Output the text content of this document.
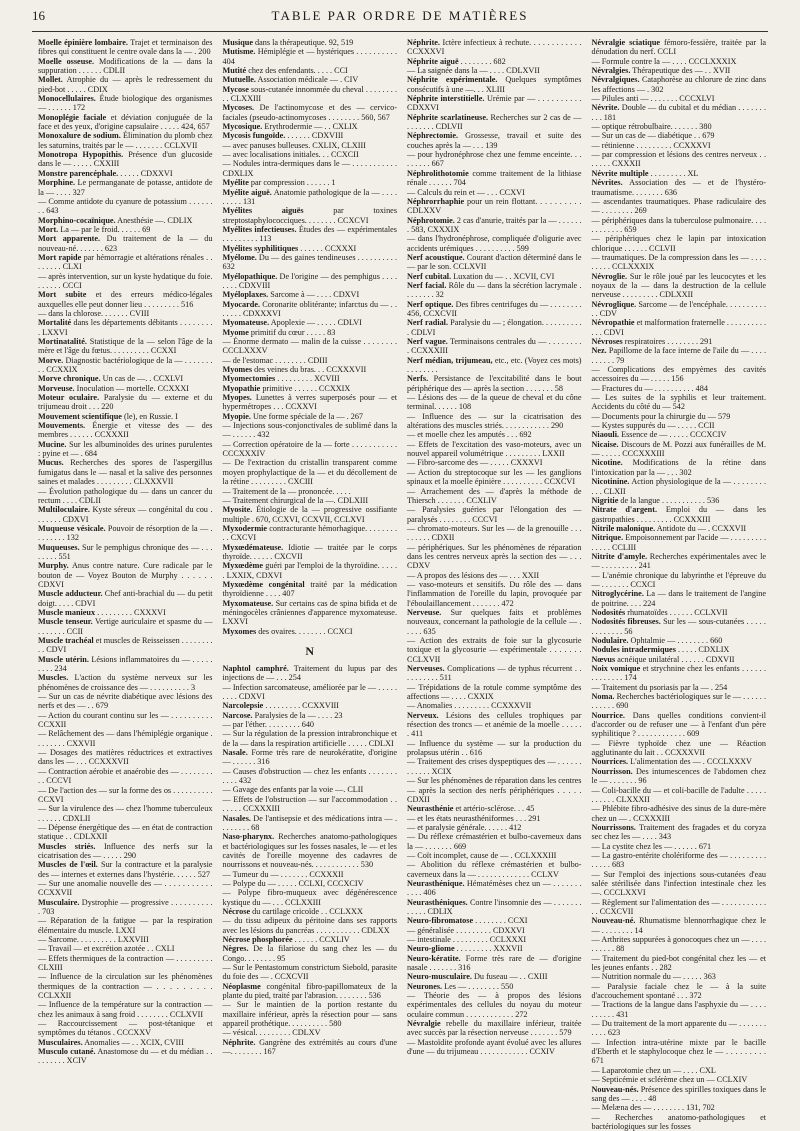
16	TABLE PAR ORDRE DE MATIÈRES
Moelle épinière lombaire. Trajet et terminaison des fibres qui constituent le centre ovale dans la — . 200
Moelle osseuse. Modifications de la — dans la suppuration . . . . . . CDLII
Mollet. Atrophie du — après le redressement du pied-bot . . . . . CDIX
Monocellulaires. Étude biologique des organismes — . . . . . . 172
Monoplégie faciale et déviation conjuguée de la face et des yeux, d'origine capsulaire . . . . . 424, 657
Monoxalure de sodium. Élimination du plomb chez les saturnins, traités par le — . . . . . . . CCLXVII
Monotropa Hypopithis. Présence d'un glucoside dans le — . . . . . CXXIII
Monstre parencéphale. . . . . . CDXXVI
Morphine. Le permanganate de potasse, antidote de la — . . . . 327
— Comme antidote du cyanure de potassium . . . . . . . . 643
Morphino-cocaïnique. Anesthésie —. CDLIX
Mort. La — par le froid. . . . . . 69
Mort apparente. Du traitement de la — du nouveau-né. . . . . . . 623
Mort rapide par hémorragie et altérations rénales . . . . . . . . CLXI
— après intervention, sur un kyste hydatique du foie. . . . . . . CCCI
Mort subite et des erreurs médico-légales auxquelles elle peut donner lieu . . . . . . . . . 516
— dans la chlorose. . . . . . . CVIII
Mortalité dans les départements débitants . . . . . . . . . LXXVI
Mortinatalité. Statistique de la — selon l'âge de la mère et l'âge du fœtus. . . . . . . . . . CCXXI
Morve. Diagnostic bactériologique de la — . . . . . . . . . CCXXIX
Morve chronique. Un cas de —. . CCXLVI
Morveuse. Inoculation — mortelle. CCXXXI
Moteur oculaire. Paralysie du — externe et du trijumeau droit . . . 220
Mouvement scientifique (le), en Russie. I
Mouvements. Énergie et vitesse des — des membres . . . . . . CCXXXII
Mucine. Sur les albuminoïdes des urines purulentes : pyine et — . 684
Mucus. Recherches des spores de l'aspergillus fumigatus dans le — nasal et la salive des personnes saines et malades . . . . . . . . . CLXXXVII
— Évolution pathologique du — dans un cancer du rectum . . . . CDLII
Multiloculaire. Kyste séreux — congénital du cou . . . . . . . CDXVI
Muqueuse vésicale. Pouvoir de résorption de la — . . . . . . . . 132
Muqueuses. Sur le pemphigus chronique des — . . . . . . . . 551
Murphy. Anus contre nature. Cure radicale par le bouton de — Voyez Bouton de Murphy . . . . . . CDXVI
Muscle adducteur. Chef anti-brachial du — du petit doigt. . . . . CDVI
Muscle manieux . . . . . . . . . CXXXVI
Muscle tenseur. Vertige auriculaire et spasme du — . . . . . . . CCII
Muscle trachéal et muscles de Reisseissen . . . . . . . . . . CDVI
Muscle utérin. Lésions inflammatoires du — . . . . . . . . . 234
Muscles. L'action du système nerveux sur les phénomènes de croissance des — . . . . . . . . . . 3
— Sur un cas de névrite diabétique avec lésions des nerfs et des — . . 679
— Action du courant continu sur les — . . . . . . . . . . CCXXII
— Relâchement des — dans l'hémiplégie organique . . . . . . . . CXXVII
— Dosages des matières réductrices et extractives dans les — . . . CCXXXVII
— Contraction aérobie et anaérobie des — . . . . . . . . . . CCCVI
— De l'action des — sur la forme des os . . . . . . . . . . CCXVI
— Sur la virulence des — chez l'homme tuberculeux . . . . . . CDXLII
— Dépense énergétique des — en état de contraction statique . . CDLXXII
Muscles striés. Influence des nerfs sur la cicatrisation des — . . . . . 290
Muscles de l'œil. Sur la contracture et la paralysie des — internes et externes dans l'hystérie. . . . . . 527
— Sur une anomalie nouvelle des — . . . . . . . . . . . CCXXVII
Musculaire. Dystrophie — progressive . . . . . . . . . . . 703
— Réparation de la fatigue — par la respiration élémentaire du muscle. LXXI
— Sarcome. . . . . . . . . . LXXVIII
— Travail — et excrétion azotée . . CXLI
— Effets thermiques de la contraction — . . . . . . . . . CLXIII
— Influence de la circulation sur les phénomènes thermiques de la contraction — . . . . . . . . . CCLXXII
— Influence de la température sur la contraction — chez les animaux à sang froid . . . . . . . . CCLXVII
— Raccourcissement — post-tétanique et symptômes du tétanos . CCCXXV
Musculaires. Anomalies — . . XCIX, CVIII
Musculo cutané. Anastomose du — et du médian . . . . . . . . . XCIV
Musique dans la thérapeutique. 92, 519
Mutisme. Hémiplégie et — hystériques . . . . . . . . . . 404
Mutité chez des enfendants. . . . . CCI
Mutuelle. Association médicale — . CIV
Mycose sous-cutanée innommée du cheval . . . . . . . . . . CLXXIII
Mycoses. De l'actinomycose et des — cervico-faciales (pseudo-actinomycoses . . . . . . . . 560, 567
Mycosique. Erythrodermie — . . CXLIX
Mycosis fungoïde. . . . . . . CDXVIII
— avec panuses bulleuses. CXLIX, CLXIII
— avec localisations initiales. . . CCXCII
— Nodules intra-dermiques dans le — . . . . . . . . . . . CDXLIX
Myélite par compression . . . . . . 1
Myélite aiguë. Anatomie pathologique de la — . . . . . . . . . 131
Myélites aiguës par toxines streptostaphylococciques. . . . . . . . CCXCVI
Myélites infectieuses. Études des — expérimentales . . . . . . . . . 113
Myélites syphilitiques . . . . . . CCXXXI
Myélome. Du — des gaines tendineuses . . . . . . . . . . 632
Myélopathique. De l'origine — des pemphigus . . . . . . . . CDXVIII
Myéloplaxes. Sarcome à — . . . . CDXVI
Myocarde. Coronarite oblitérante; infarctus du — . . . . . . . CDXXXVI
Myomateuse. Apoplexie — . . . . . CDLVI
Myome primitif du cœur . . . . . 83
— Énorme dermato — malin de la cuisse . . . . . . . . CCCLXXXV
— de l'estomac . . . . . . . . CDIII
Myomes des veines du bras. . . CCXXXVII
Myomectomies . . . . . . . . . XCVIII
Myopathie primitive . . . . . . CCXXIX
Myopes. Lunettes à verres superposés pour — et hypermétropes . . . CCXXVI
Myopie. Une forme spéciale de la — . 267
— Injections sous-conjonctivales de sublimé dans la — . . . . . . 432
— Correction opératoire de la — forte . . . . . . . . . . . CCCXXXIV
— De l'extraction du cristallin transparent comme moyen prophylactique de la — et du décollement de la rétine . . . . . . . . . CXCIII
— Traitement de la — prononcée. . . . .
— Traitement chirurgical de la —. CDLXIII
Myosite. Étiologie de la — progressive ossifiante multiple . 670, CCXVI, CCXVII, CCLXVI
Myxodermie contracturante hémorhagique. . . . . . . . . . CXCVI
Myxœdémateuse. Idiotie — traitée par le corps thyroïde. . . . . . CXCVII
Myxœdème guéri par l'emploi de la thyroïdine. . . . . . LXXIX, CDXVI
Myxœdème congénital traité par la médication thyroïdienne . . . . 407
Myxomateuse. Sur certains cas de spina bifida et de méningocèles crâniennes d'apparence myxomateuse. LXXVI
Myxomes des ovaires. . . . . . . . CCXCI
N
Naphtol camphré. Traitement du lupus par des injections de — . . . 254
— Infection sarcomateuse, améliorée par le — . . . . . . . . . CDXVI
Narcolepsie . . . . . . . . . CCXXVIII
Narcose. Paralysies de la — . . . . 23
— par l'éther. . . . . . . . . 640
— Sur la régulation de la pression intrabronchique et de la — dans la respiration artificielle . . . . . CDLXI
Nasale. Forme très rare de neurokératite, d'origine — . . . . . . 316
— Causes d'obstruction — chez les enfants . . . . . . . . . . . 432
— Gavage des enfants par la voie —. CLII
— Effets de l'obstruction — sur l'accommodation . . . . . . . CCXXXIII
Nasales. De l'antisepsie et des médications intra — . . . . . . . . 68
Naso-pharynx. Recherches anatomo-pathologiques et bactériologiques sur les fosses nasales, le — et les cavités de l'oreille moyenne des cadavres de nourrissons et nouveau-nés. . . . . . . . . . . . 530
— Tumeur du — . . . . . . . CCXXXII
— Polype du — . . . . . CCLXI, CCCXCIV
— Polype fibro-muqueux avec dégénérescence kystique du — . . . CCLXXIII
Nécrose du cartilage cricoïde . . CCLXXX
— du tissu adipeux du péritoine dans ses rapports avec les lésions du pancréas . . . . . . . . . . . CDLXX
Nécrose phosphorée . . . . . . CCXLIV
Nègres. De la filariose du sang chez les — du Congo. . . . . . . . 95
— Sur le Pentastomum constrictum Siebold, parasite du foie des — . CCXCVII
Néoplasme congénital fibro-papillomateux de la plante du pied, traité par l'abrasion. . . . . . . . 536
— Sur le maintien de la portion restante du maxillaire inférieur, après la résection pour — sans appareil prothétique. . . . . . . . . . 580
— vésical. . . . . . . . . CDLXV
Néphrite. Gangrène des extrémités au cours d'une —. . . . . . . . 167
Néphrite. Ictère infectieux à rechute. . . . . . . . . . . . CCXXXVI
Néphrite aiguë . . . . . . . . 682
— La saignée dans la — . . . . CDLXVII
Néphrite expérimentale. Quelques symptômes consécutifs à une —. . . XLIII
Néphrite interstitielle. Urémie par — . . . . . . . . . . CDXXVI
Néphrite scarlatineuse. Recherches sur 2 cas de — . . . . . . . CDLVII
Néphrectomie. Grossesse, travail et suite des couches après la — . . . 139
— pour hydronéphrose chez une femme enceinte. . . . . . . . . 667
Néphrolithotomie comme traitement de la lithiase rénale . . . . . . 704
— Calculs du rein et — . . . CCXVI
Néphrorrhaphie pour un rein flottant. . . . . . . . . . CDLXXV
Néphrotomie. 2 cas d'anurie, traités par la — . . . . . . . 583, CXXXIX
— dans l'hydronéphrose, compliquée d'oligurie avec accidents urémiques . . . . . . . . . . 599
Nerf acoustique. Courant d'action déterminé dans le — par le son. CCLXVII
Nerf cubital. Luxation du — . . XCVII, CVI
Nerf facial. Rôle du — dans la sécrétion lacrymale . . . . . . . . 32
Nerf optique. Des fibres centrifuges du — . . . . . . . . 456, CCXCVII
Nerf radial. Paralysie du — ; élongation. . . . . . . . . . . CDLVI
Nerf vague. Terminaisons centrales du — . . . . . . . . . CCXXXIII
Nerf médian, trijumeau, etc., etc. (Voyez ces mots) . . . . . . . .
Nerfs. Persistance de l'excitabilité dans le bout périphérique des — après la section . . . . . . . 58
— Lésions des — de la queue de cheval et du cône terminal. . . . . . 108
— Influence des — sur la cicatrisation des altérations des muscles striés. . . . . . . . . . . . 290
— et moelle chez les amputés . . . 692
— Effets de l'excitation des vaso-moteurs, avec un nouvel appareil volumétrique . . . . . . . . . LXXII
— Fibro-sarcome des — . . . . . CXXXVI
— Action du streptocoque sur les — les ganglions spinaux et la moelle épinière . . . . . . . . . . CCXCVI
— Arrachement des — d'après la méthode de Thiersch . . . . . . . CCXLIV
— Paralysies guéries par l'élongation des — paralysés . . . . . . . . CCCVI
— chromato-moteurs. Sur les — de la grenouille . . . . . . . . . CDXII
— périphériques. Sur les phénomènes de réparation dans les centres nerveux après la section des — . . . CDXV
— A propos des lésions des — . . . XXII
— vaso-moteurs et sensitifs. Du rôle des — dans l'inflammation de l'oreille du lapin, provoquée par l'éboulaillancement . . . . . . . 472
Nerveuse. Sur quelques faits et problèmes nouveaux, concernant la pathologie de la cellule — . . . . . 635
— Action des extraits de foie sur la glycosurie toxique et la glycosurie — expérimentale . . . . . . . CCLXVII
Nerveuses. Complications — de typhus récurrent . . . . . . . . . . 511
— Trépidations de la rotule comme symptôme des affections — . . . . CXXIX
— Anomalies . . . . . . . . . CCXXXVII
Nerveux. Lésions des cellules trophiques par résection des troncs — et anémie de la moelle . . . . . . 411
— Influence du système — sur la production du prolapsus utérin . . 616
— Traitement des crises dyspeptiques des — . . . . . . . . . . . . XCIX
— Sur les phénomènes de réparation dans les centres — après la section des nerfs périphériques . . . . . CDXII
Neurasthénie et artério-sclérose. . . 45
— et les états neurasthéniformes . . . 291
— et paralysie générale. . . . . . 412
— Du réflexe crémastérien et bulbo-caverneux dans la — . . . . . . . 669
— Coït incomplet, cause de — . CCLXXXIII
— Abolition du réflexe crémastérien et bulbo-caverneux dans la — . . . . . . . . . . . . . CCLXV
Neurasthénique. Hématémèses chez un — . . . . . . . . . . . 406
Neurasthéniques. Contre l'insomnie des — . . . . . . . . . . . . CDLIX
Neuro-fibromatose . . . . . . . . CCXI
— généralisée . . . . . . . . . CDXXVI
— intestinale . . . . . . . . . CCLXXXI
Neuro-gliome . . . . . . . . . XXXVII
Neuro-kératite. Forme très rare de — d'origine nasale . . . . . . . 316
Neuro-musculaire. Du fuseau — . . CXIII
Neurones. Les — . . . . . . . . 550
— Théorie des — à propos des lésions expérimentales des cellules du noyau du moteur oculaire commun . . . . . . . . . . . . 272
Névralgie rebelle du maxillaire inférieur, traitée avec succès par la résection nerveuse . . . . . . . 579
— Mastoïdite profonde ayant évolué avec les allures d'une — du trijumeau . . . . . . . . . . . . CCXIV
Névralgie sciatique fémoro-fessière, traitée par la dénudation du nerf. CCLI
— Formule contre la — . . . . CCCLXXXIX
Névralgies. Thérapeutique des — . . XVII
Névralgiques. Cataphorèse au chlorure de zinc dans les affections — . 302
— Pilules anti — . . . . . . . CCCXLVI
Névrite. Double — du cubital et du médian . . . . . . . . . . 181
— optique rétrobulbaire. . . . . . . 380
— Sur un cas de — diabétique . . 679
— rétinienne . . . . . . . . . CCXXXVI
— par compression et lésions des centres nerveux . . . . . . . CXXXII
Névrite multiple . . . . . . . . . XL
Névrites. Association des — et de l'hystéro-traumatisme. . . . . . . . 636
— ascendantes traumatiques. Phase radiculaire des — . . . . . . . . 269
— périphériques dans la tuberculose pulmonaire. . . . . . . . . . . . 659
— périphériques chez le lapin par intoxication chlorique . . . . . . CCLVII
— traumatiques. De la compression dans les — . . . . . . . . . CCLXXXIX
Névroglie. Sur le rôle joué par les leucocytes et les noyaux de la — dans la destruction de la cellule nerveuse . . . . . . . . . CDLXXII
Névroglique. Sarcome — de l'encéphale. . . . . . . . . . . . CDV
Névropathie et malformation fraternelle . . . . . . . . . . . . . CDVI
Névroses respiratoires . . . . . . . . 291
Nez. Papillome de la face interne de l'aile du — . . . . . . . . . . 79
— Complications des empyèmes des cavités accessoires du — . . . . . 156
— Fractures du — . . . . . . . . . . 484
— Les suites de la syphilis et leur traitement. Accidents du côté du — 542
— Documents pour la chirurgie du — 579
— Kystes suppurés du — . . . . . CCII
Niaouli. Essence de — . . . . . CCCXCIV
Nicaise. Discours de M. Pozzi aux funérailles de M. — . . . . . CCCXXXIII
Nicotine. Modifications de la rétine dans l'intoxication par la — . . . 302
Nicotinine. Action physiologique de la — . . . . . . . . . . . CLXII
Nigritie de la langue . . . . . . . . . . . 536
Nitrate d'argent. Emploi du — dans les gastropathies . . . . . . . . . CCXXXIII
Nitrile malonique. Antidote du — . CCXXVII
Nitrique. Empoisonnement par l'acide — . . . . . . . . . . . . . . CCLIII
Nitrite d'amyle. Recherches expérimentales avec le — . . . . . . . . . 241
— L'anémie chronique du labyrinthe et l'épreuve du — . . . . . . . CCXCI
Nitroglycérine. La — dans le traitement de l'angine de poitrine. . . . 224
Nodosités rhumatoïdes . . . . . . CCLXVII
Nodosités fibreuses. Sur les — sous-cutanées . . . . . . . . . . . . . 56
Nodulaire. Ophtalmie — . . . . . . . . 660
Nodules intradermiques . . . . . CDXLIX
Nœvus acnéique unilatéral . . . . . . CDXVII
Noix vomique et strychnine chez les enfants . . . . . . . . . . . . . . 174
— Traitement du psoriasis par la — . 254
Noma. Recherches bactériologiques sur le — . . . . . . . . . . . . 690
Nourrice. Dans quelles conditions convient-il d'accorder ou de refuser une — à l'enfant d'un père syphilitique ? . . . . . . . . . . . . 609
— Fièvre typhoïde chez une — Réaction agglutinante du lait . . CCXXXVII
Nourrices. L'alimentation des — . CCCLXXXV
Nourrisson. Des intumescences de l'abdomen chez le — . . . . . . . 96
— Coli-bacille du — et coli-bacille de l'adulte . . . . . . . . . . . CLXXXII
— Phlébite fibro-adhésive des sinus de la dure-mère chez un — . CCXXXIII
Nourrissons. Traitement des fragades et du coryza sec chez les — . . . . 343
— La cystite chez les — . . . . . . 671
— La gastro-entérite cholériforme des — . . . . . . . . . . . . . . 683
— Sur l'emploi des injections sous-cutanées d'eau salée stérilisée dans l'infection intestinale chez les —. CCCLXXVI
— Règlement sur l'alimentation des — . . . . . . . . . . . . . CCXCVII
Nouveau-né. Rhumatisme blennorrhagique chez le — . . . . . . . . 14
— Arthrites suppurées à gonocoques chez un — . . . . . . . . . . 88
— Traitement du pied-bot congénital chez les — et les jeunes enfants . . 282
— Nutrition normale du — . . . . . 363
— Paralysie faciale chez le — à la suite d'accouchement spontané . . . 372
— Tractions de la langue dans l'asphyxie du — . . . . . . . . . . 431
— Du traitement de la mort apparente du — . . . . . . . . . . . 623
— Infection intra-utérine mixte par le bacille d'Eberth et le staphylocoque chez le — . . . . . . . . . 671
— Laparotomie chez un — . . . . CXL
— Septicémie et sclérème chez un — CCLXIV
Nouveau-nés. Présence des spirilles toxiques dans le sang des — . . . . 48
— Melæna des — . . . . . . . . 131, 702
— Recherches anatomo-pathologiques et bactériologiques sur les fosses
